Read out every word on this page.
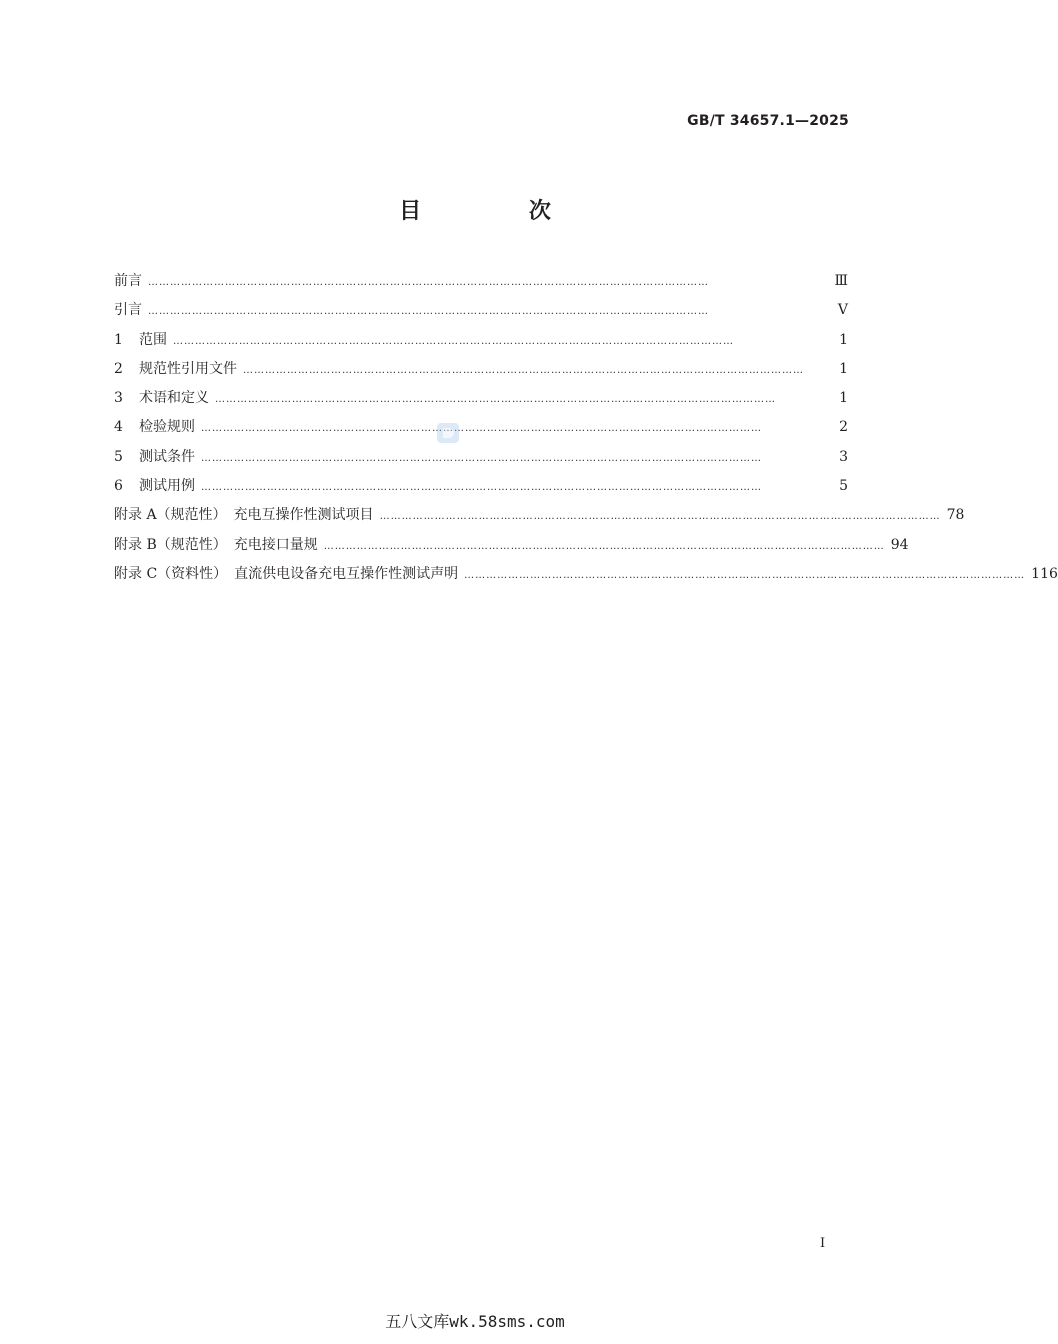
GB/T 34657.1—2025
目 次
前言 ………………………………………………………………………………………………………………………………………	Ⅲ
引言 ………………………………………………………………………………………………………………………………………	Ⅴ
1	范围 ………………………………………………………………………………………………………………………………………	1
2	规范性引用文件 ………………………………………………………………………………………………………………………………………	1
3	术语和定义 ………………………………………………………………………………………………………………………………………	1
4	检验规则 ………………………………………………………………………………………………………………………………………	2
5	测试条件 ………………………………………………………………………………………………………………………………………	3
6	测试用例 ………………………………………………………………………………………………………………………………………	5
附录 A（规范性）　充电互操作性测试项目 ……………………………………………………………………………………………………………………………………… 78
附录 B（规范性）　充电接口量规 ……………………………………………………………………………………………………………………………………… 94
附录 C（资料性）　直流供电设备充电互操作性测试声明 ……………………………………………………………………………………………………………………………………… 116
I
五八文库wk.58sms.com
